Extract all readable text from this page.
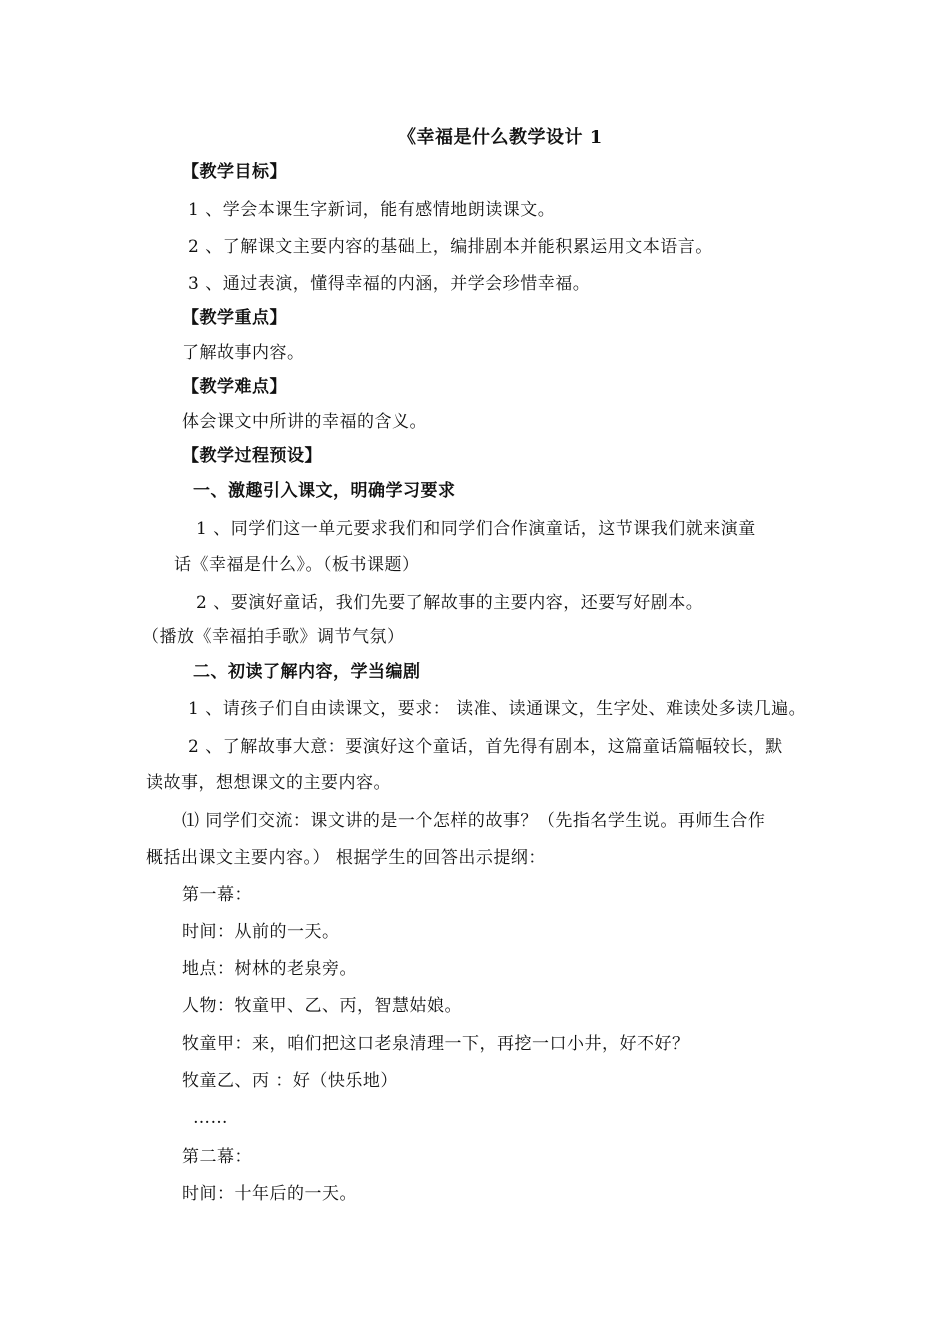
《幸福是什么教学设计 1
【教学目标】
1 、学会本课生字新词，能有感情地朗读课文。
2 、了解课文主要内容的基础上，编排剧本并能积累运用文本语言。
3 、通过表演，懂得幸福的内涵，并学会珍惜幸福。
【教学重点】
了解故事内容。
【教学难点】
体会课文中所讲的幸福的含义。
【教学过程预设】
一、激趣引入课文，明确学习要求
1 、同学们这一单元要求我们和同学们合作演童话，这节课我们就来演童
话《幸福是什么》。（板书课题）
2 、要演好童话，我们先要了解故事的主要内容，还要写好剧本。
（播放《幸福拍手歌》调节气氛）
二、初读了解内容，学当编剧
1 、请孩子们自由读课文，要求： 读准、读通课文，生字处、难读处多读几遍。
2 、了解故事大意：要演好这个童话，首先得有剧本，这篇童话篇幅较长，默
读故事，想想课文的主要内容。
⑴ 同学们交流：课文讲的是一个怎样的故事？（先指名学生说。再师生合作
概括出课文主要内容。） 根据学生的回答出示提纲：
第一幕：
时间：从前的一天。
地点：树林的老泉旁。
人物：牧童甲、乙、丙，智慧姑娘。
牧童甲：来，咱们把这口老泉清理一下，再挖一口小井，好不好？
牧童乙、丙 ：好（快乐地）
……
第二幕：
时间：十年后的一天。
